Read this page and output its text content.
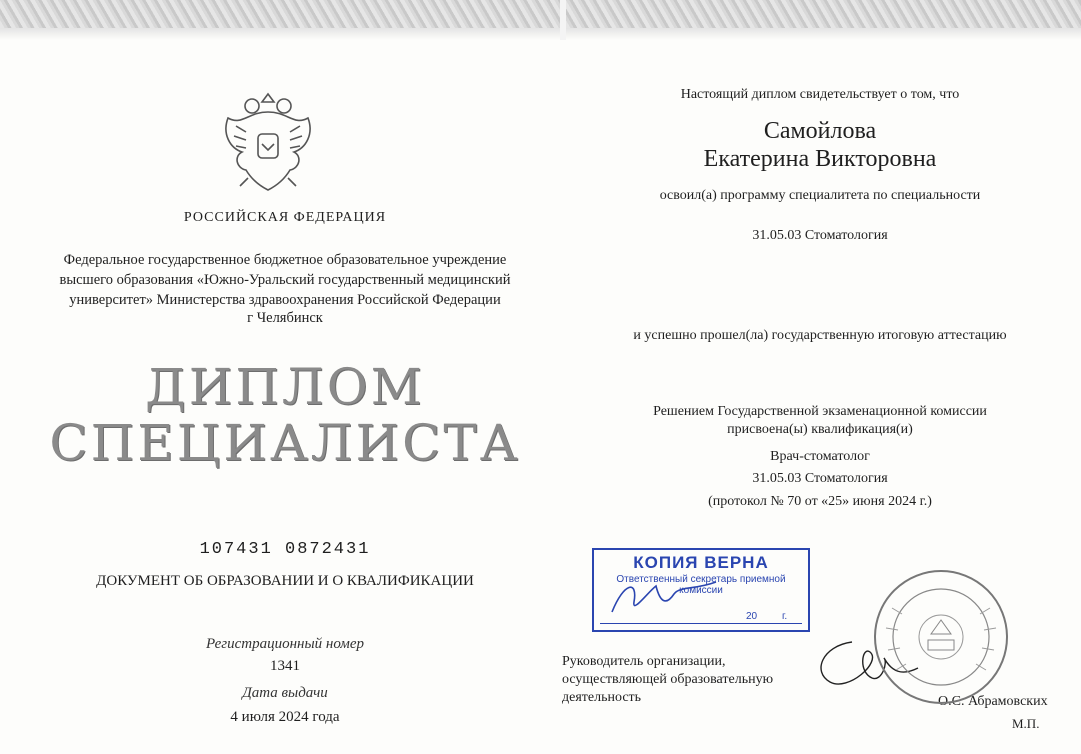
РОССИЙСКАЯ ФЕДЕРАЦИЯ
Федеральное государственное бюджетное образовательное учреждение
высшего образования «Южно-Уральский государственный медицинский
университет» Министерства здравоохранения Российской Федерации
г Челябинск
ДИПЛОМ
СПЕЦИАЛИСТА
107431 0872431
ДОКУМЕНТ ОБ ОБРАЗОВАНИИ И О КВАЛИФИКАЦИИ
Регистрационный номер
1341
Дата выдачи
4 июля 2024 года
Настоящий диплом свидетельствует о том, что
Самойлова
Екатерина Викторовна
освоил(а) программу специалитета по специальности
31.05.03 Стоматология
и успешно прошел(ла) государственную итоговую аттестацию
Решением Государственной экзаменационной комиссии
присвоена(ы) квалификация(и)
Врач-стоматолог
31.05.03 Стоматология
(протокол № 70 от «25» июня 2024 г.)
Руководитель организации,
осуществляющей образовательную
деятельность	О.С. Абрамовских
М.П.
КОПИЯ ВЕРНА
Ответственный секретарь приемной
комиссии
20 г.
